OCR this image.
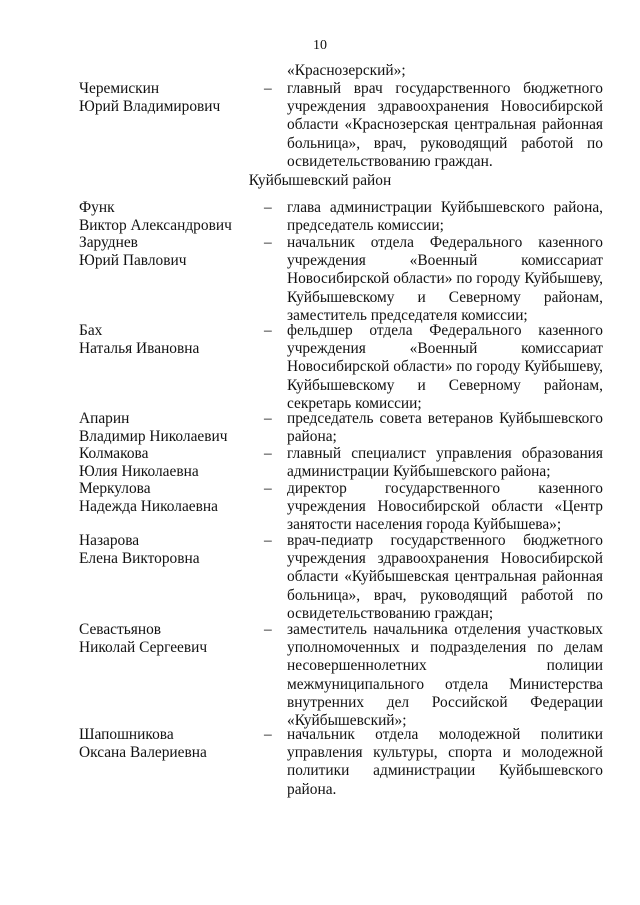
10
«Краснозерский»;
Черемискин
Юрий Владимирович
– главный врач государственного бюджетного учреждения здравоохранения Новосибирской области «Краснозерская центральная районная больница», врач, руководящий работой по освидетельствованию граждан.
Куйбышевский район
Функ
Виктор Александрович
– глава администрации Куйбышевского района, председатель комиссии;
Заруднев
Юрий Павлович
– начальник отдела Федерального казенного учреждения «Военный комиссариат Новосибирской области» по городу Куйбышеву, Куйбышевскому и Северному районам, заместитель председателя комиссии;
Бах
Наталья Ивановна
– фельдшер отдела Федерального казенного учреждения «Военный комиссариат Новосибирской области» по городу Куйбышеву, Куйбышевскому и Северному районам, секретарь комиссии;
Апарин
Владимир Николаевич
– председатель совета ветеранов Куйбышевского района;
Колмакова
Юлия Николаевна
– главный специалист управления образования администрации Куйбышевского района;
Меркулова
Надежда Николаевна
– директор государственного казенного учреждения Новосибирской области «Центр занятости населения города Куйбышева»;
Назарова
Елена Викторовна
– врач-педиатр государственного бюджетного учреждения здравоохранения Новосибирской области «Куйбышевская центральная районная больница», врач, руководящий работой по освидетельствованию граждан;
Севастьянов
Николай Сергеевич
– заместитель начальника отделения участковых уполномоченных и подразделения по делам несовершеннолетних полиции межмуниципального отдела Министерства внутренних дел Российской Федерации «Куйбышевский»;
Шапошникова
Оксана Валериевна
– начальник отдела молодежной политики управления культуры, спорта и молодежной политики администрации Куйбышевского района.
